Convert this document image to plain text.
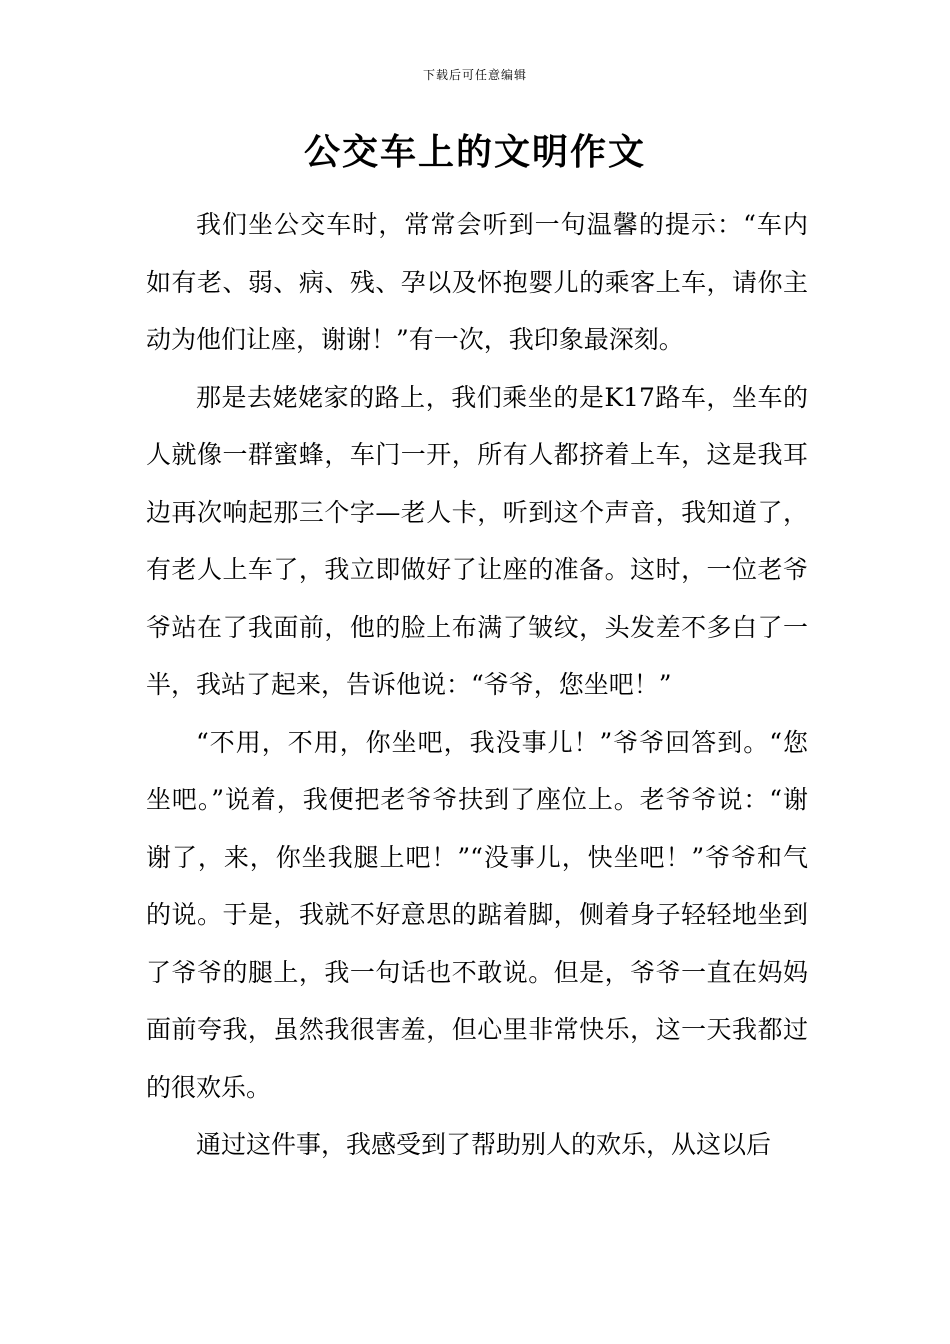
下载后可任意编辑
公交车上的文明作文

我们坐公交车时，常常会听到一句温馨的提示：“车内如有老、弱、病、残、孕以及怀抱婴儿的乘客上车，请你主动为他们让座，谢谢！”有一次，我印象最深刻。

那是去姥姥家的路上，我们乘坐的是K17路车，坐车的人就像一群蜜蜂，车门一开，所有人都挤着上车，这是我耳边再次响起那三个字—老人卡，听到这个声音，我知道了，有老人上车了，我立即做好了让座的准备。这时，一位老爷爷站在了我面前，他的脸上布满了皱纹，头发差不多白了一半，我站了起来，告诉他说：“爷爷，您坐吧！”

“不用，不用，你坐吧，我没事儿！”爷爷回答到。“您坐吧。”说着，我便把老爷爷扶到了座位上。老爷爷说：“谢谢了，来，你坐我腿上吧！”“没事儿，快坐吧！”爷爷和气的说。于是，我就不好意思的踮着脚，侧着身子轻轻地坐到了爷爷的腿上，我一句话也不敢说。但是，爷爷一直在妈妈面前夸我，虽然我很害羞，但心里非常快乐，这一天我都过的很欢乐。

通过这件事，我感受到了帮助别人的欢乐，从这以后
